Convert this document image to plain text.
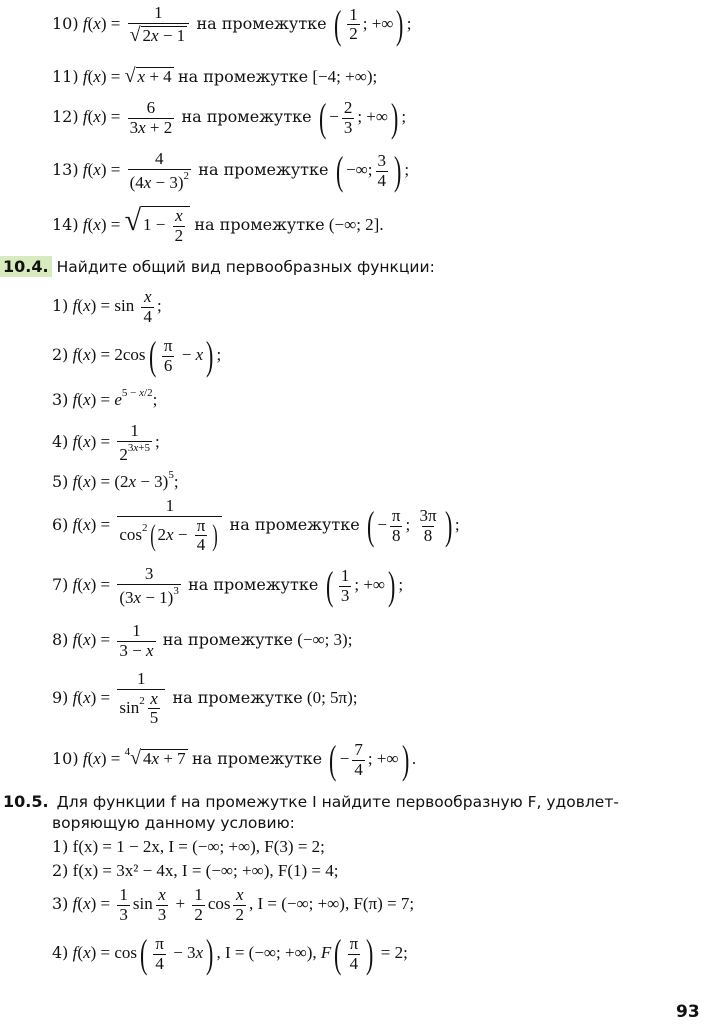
10) $f(x) = \frac{1}{√ 2x - 1}$ на промежутке ( $\frac{1}{2}$ ; +∞) ;
11) f(x) = √ x + 4 на промежутке [−4; +∞);
12) $f(x) = \frac{6}{3x + 2}$ на промежутке ( − $\frac{2}{3}$ ; +∞) ;
13) $f(x) = \frac{4}{(4x - 3)^2}$ на промежутке ( −∞; $\frac{3}{4}$ ) ;
14) f(x) = √ $1 - \frac{x}{2}$ на промежутке (−∞; 2].
10.4. Найдите общий вид первообразных функции:
1) $f(x) = \sin \frac{x}{4}$ ;
2) $f(x) = 2\cos( \frac{\pi}{6} - x)$ ;
3) $f(x) = e^{5 - x/2}$;
4) $f(x) = \frac{1}{2^{3x+5}}$ ;
5) $f(x) = (2x - 3)^5$;
6) $f(x) = \frac{1}{\cos^2( 2x - \frac{\pi}{4} )}$ на промежутке ( − $\frac{\pi}{8}$ ; $\frac{3\pi}{8}$ ) ;
7) $f(x) = \frac{3}{(3x - 1)^3}$ на промежутке ( $\frac{1}{3}$ ; +∞) ;
8) $f(x) = \frac{1}{3 - x}$ на промежутке (−∞; 3);
9) $f(x) = \frac{1}{\sin^2 \frac{x}{5}}$ на промежутке (0; 5π);
10) f(x) = $^4$√ 4x + 7 на промежутке ( − $\frac{7}{4}$ ; +∞) .
10.5. Для функции f на промежутке I найдите первообразную F, удовлет-
воряющую данному условию:
1) f(x) = 1 − 2x, I = (−∞; +∞), F(3) = 2;
2) f(x) = 3x² − 4x, I = (−∞; +∞), F(1) = 4;
3) $f(x) = \frac{1}{3}$ $\sin \frac{x}{3} + \frac{1}{2}$ $\cos \frac{x}{2}$ , I = (−∞; +∞), F(π) = 7;
4) $f(x) = \cos( \frac{\pi}{4} - 3x)$ , I = (−∞; +∞), $F( \frac{\pi}{4}$ ) = 2;
93
